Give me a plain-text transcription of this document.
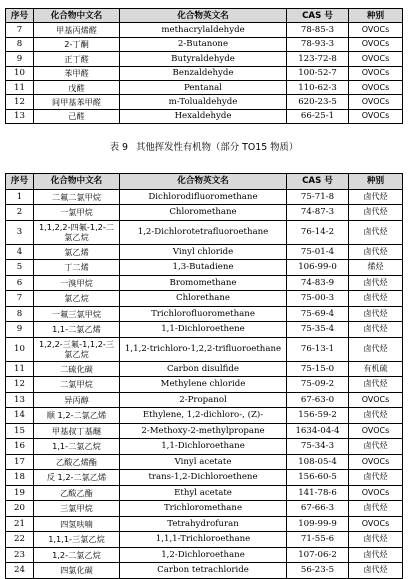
序号	化合物中文名	化合物英文名	CAS 号	种别
7	甲基丙烯醛	methacrylaldehyde	78-85-3	OVOCs
8	2-丁酮	2-Butanone	78-93-3	OVOCs
9	正丁醛	Butyraldehyde	123-72-8	OVOCs
10	苯甲醛	Benzaldehyde	100-52-7	OVOCs
11	戊醛	Pentanal	110-62-3	OVOCs
12	间甲基苯甲醛	m-Tolualdehyde	620-23-5	OVOCs
13	己醛	Hexaldehyde	66-25-1	OVOCs
表 9 其他挥发性有机物（部分 TO15 物质）
序号	化合物中文名	化合物英文名	CAS 号	种别
1	二氟二氯甲烷	Dichlorodifluoromethane	75-71-8	卤代烃
2	一氯甲烷	Chloromethane	74-87-3	卤代烃
3	1,1,2,2-四氟-1,2-二氯乙烷	1,2-Dichlorotetrafluoroethane	76-14-2	卤代烃
4	氯乙烯	Vinyl chloride	75-01-4	卤代烃
5	丁二烯	1,3-Butadiene	106-99-0	烯烃
6	一溴甲烷	Bromomethane	74-83-9	卤代烃
7	氯乙烷	Chlorethane	75-00-3	卤代烃
8	一氟三氯甲烷	Trichlorofluoromethane	75-69-4	卤代烃
9	1,1-二氯乙烯	1,1-Dichloroethene	75-35-4	卤代烃
10	1,2,2-三氟-1,1,2-三氯乙烷	1,1,2-trichloro-1,2,2-trifluoroethane	76-13-1	卤代烃
11	二硫化碳	Carbon disulfide	75-15-0	有机硫
12	二氯甲烷	Methylene chloride	75-09-2	卤代烃
13	异丙醇	2-Propanol	67-63-0	OVOCs
14	顺 1,2-二氯乙烯	Ethylene, 1,2-dichloro-, (Z)-	156-59-2	卤代烃
15	甲基叔丁基醚	2-Methoxy-2-methylpropane	1634-04-4	OVOCs
16	1,1-二氯乙烷	1,1-Dichloroethane	75-34-3	卤代烃
17	乙酸乙烯酯	Vinyl acetate	108-05-4	OVOCs
18	反 1,2-二氯乙烯	trans-1,2-Dichloroethene	156-60-5	卤代烃
19	乙酸乙酯	Ethyl acetate	141-78-6	OVOCs
20	三氯甲烷	Trichloromethane	67-66-3	卤代烃
21	四氢呋喃	Tetrahydrofuran	109-99-9	OVOCs
22	1,1,1-三氯乙烷	1,1,1-Trichloroethane	71-55-6	卤代烃
23	1,2-二氯乙烷	1,2-Dichloroethane	107-06-2	卤代烃
24	四氯化碳	Carbon tetrachloride	56-23-5	卤代烃
